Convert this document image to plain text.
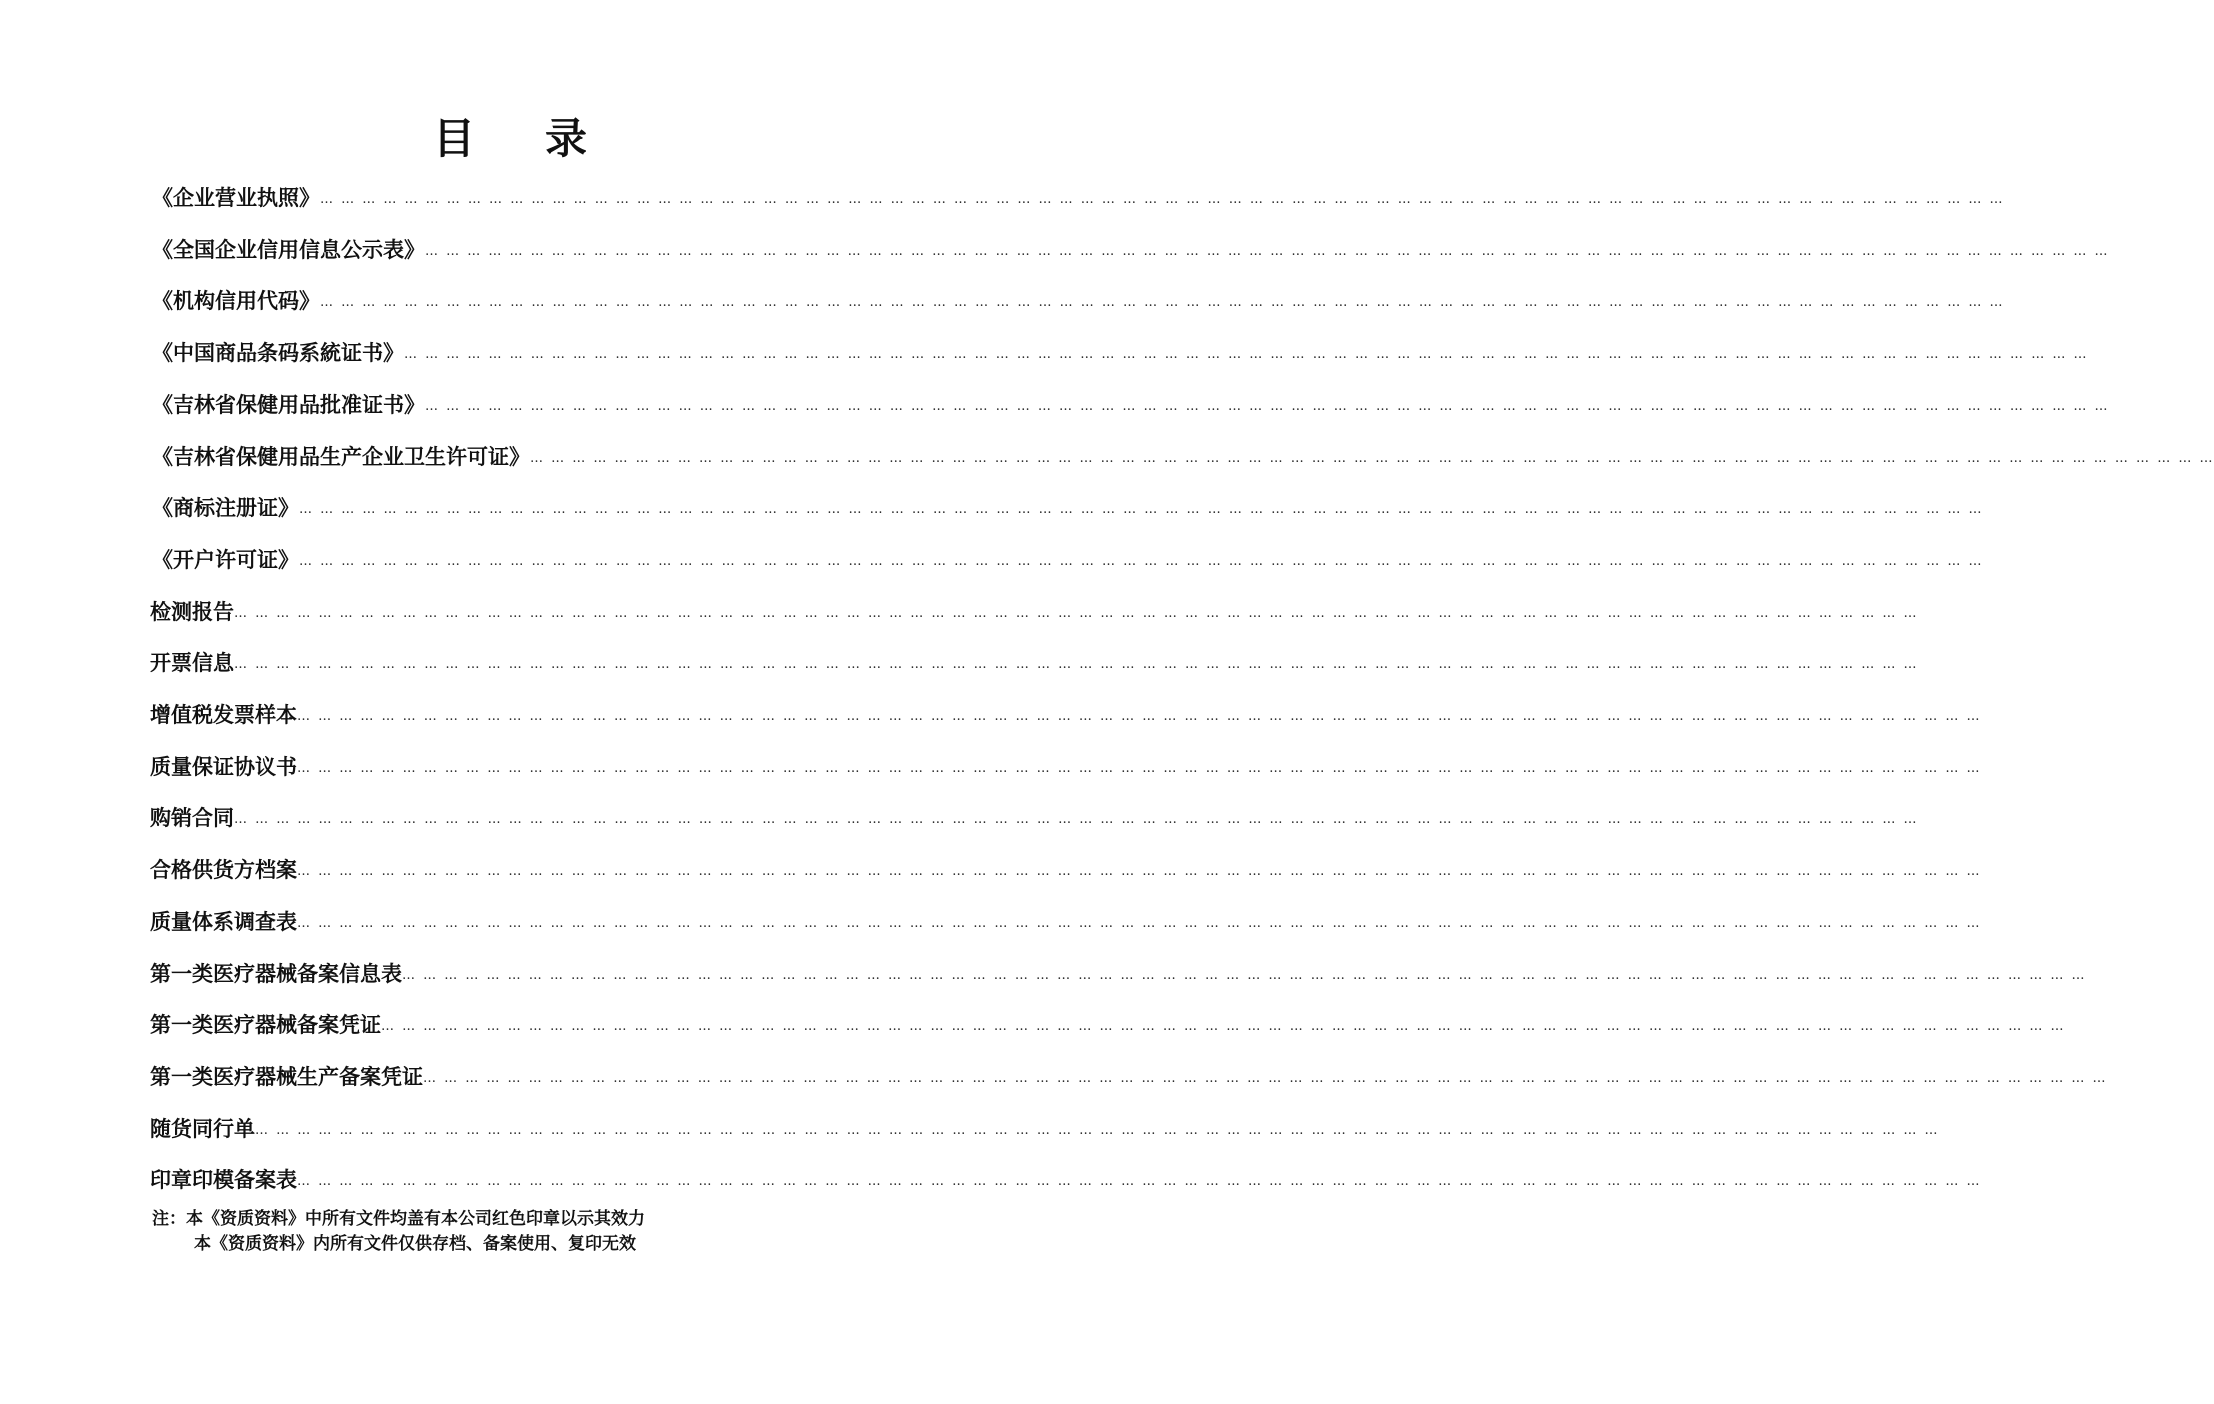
目 录
《企业营业执照》 … … … … … … … … … … … … … … … … … … … … … … … … … … … … … … … … … … … … … … … … … … … … … … … … … … … … … … … … … … … … … … … … … … … … … … … … … … … … … … … …
《全国企业信用信息公示表》 … … … … … … … … … … … … … … … … … … … … … … … … … … … … … … … … … … … … … … … … … … … … … … … … … … … … … … … … … … … … … … … … … … … … … … … … … … … … … … … …
《机构信用代码》 … … … … … … … … … … … … … … … … … … … … … … … … … … … … … … … … … … … … … … … … … … … … … … … … … … … … … … … … … … … … … … … … … … … … … … … … … … … … … … … …
《中国商品条码系統证书》 … … … … … … … … … … … … … … … … … … … … … … … … … … … … … … … … … … … … … … … … … … … … … … … … … … … … … … … … … … … … … … … … … … … … … … … … … … … … … … … …
《吉林省保健用品批准证书》 … … … … … … … … … … … … … … … … … … … … … … … … … … … … … … … … … … … … … … … … … … … … … … … … … … … … … … … … … … … … … … … … … … … … … … … … … … … … … … … …
《吉林省保健用品生产企业卫生许可证》 … … … … … … … … … … … … … … … … … … … … … … … … … … … … … … … … … … … … … … … … … … … … … … … … … … … … … … … … … … … … … … … … … … … … … … … … … … … … … … … …
《商标注册证》 … … … … … … … … … … … … … … … … … … … … … … … … … … … … … … … … … … … … … … … … … … … … … … … … … … … … … … … … … … … … … … … … … … … … … … … … … … … … … … … …
《开户许可证》 … … … … … … … … … … … … … … … … … … … … … … … … … … … … … … … … … … … … … … … … … … … … … … … … … … … … … … … … … … … … … … … … … … … … … … … … … … … … … … … …
检测报告 … … … … … … … … … … … … … … … … … … … … … … … … … … … … … … … … … … … … … … … … … … … … … … … … … … … … … … … … … … … … … … … … … … … … … … … … … … … … … … … …
开票信息 … … … … … … … … … … … … … … … … … … … … … … … … … … … … … … … … … … … … … … … … … … … … … … … … … … … … … … … … … … … … … … … … … … … … … … … … … … … … … … … …
增值税发票样本 … … … … … … … … … … … … … … … … … … … … … … … … … … … … … … … … … … … … … … … … … … … … … … … … … … … … … … … … … … … … … … … … … … … … … … … … … … … … … … … …
质量保证协议书 … … … … … … … … … … … … … … … … … … … … … … … … … … … … … … … … … … … … … … … … … … … … … … … … … … … … … … … … … … … … … … … … … … … … … … … … … … … … … … … …
购销合同 … … … … … … … … … … … … … … … … … … … … … … … … … … … … … … … … … … … … … … … … … … … … … … … … … … … … … … … … … … … … … … … … … … … … … … … … … … … … … … … …
合格供货方档案 … … … … … … … … … … … … … … … … … … … … … … … … … … … … … … … … … … … … … … … … … … … … … … … … … … … … … … … … … … … … … … … … … … … … … … … … … … … … … … … …
质量体系调查表 … … … … … … … … … … … … … … … … … … … … … … … … … … … … … … … … … … … … … … … … … … … … … … … … … … … … … … … … … … … … … … … … … … … … … … … … … … … … … … … …
第一类医疗器械备案信息表 … … … … … … … … … … … … … … … … … … … … … … … … … … … … … … … … … … … … … … … … … … … … … … … … … … … … … … … … … … … … … … … … … … … … … … … … … … … … … … … …
第一类医疗器械备案凭证 … … … … … … … … … … … … … … … … … … … … … … … … … … … … … … … … … … … … … … … … … … … … … … … … … … … … … … … … … … … … … … … … … … … … … … … … … … … … … … … …
第一类医疗器械生产备案凭证 … … … … … … … … … … … … … … … … … … … … … … … … … … … … … … … … … … … … … … … … … … … … … … … … … … … … … … … … … … … … … … … … … … … … … … … … … … … … … … … …
随货同行单 … … … … … … … … … … … … … … … … … … … … … … … … … … … … … … … … … … … … … … … … … … … … … … … … … … … … … … … … … … … … … … … … … … … … … … … … … … … … … … … …
印章印模备案表 … … … … … … … … … … … … … … … … … … … … … … … … … … … … … … … … … … … … … … … … … … … … … … … … … … … … … … … … … … … … … … … … … … … … … … … … … … … … … … … …
注：本《资质资料》中所有文件均盖有本公司红色印章以示其效力
本《资质资料》内所有文件仅供存档、备案使用、复印无效
